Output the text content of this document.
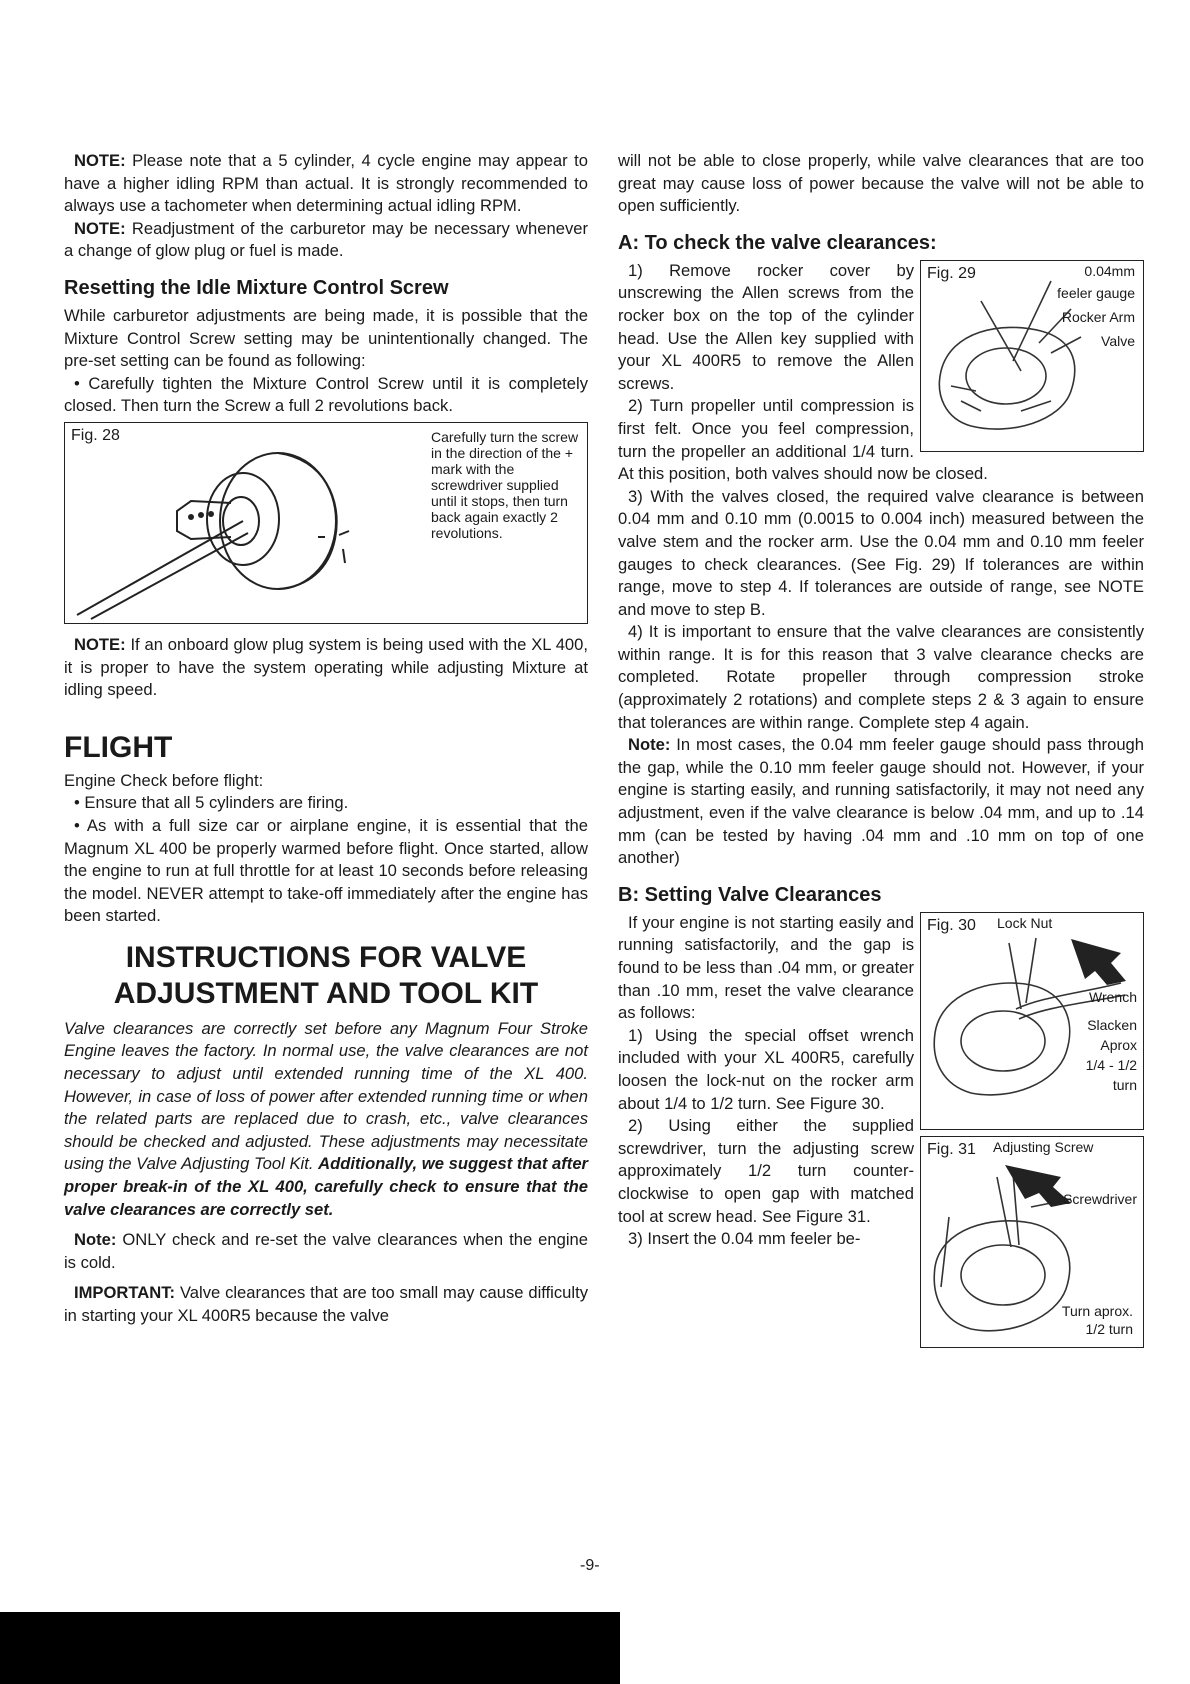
NOTE: Please note that a 5 cylinder, 4 cycle engine may appear to have a higher idling RPM than actual. It is strongly recommended to always use a tachometer when determining actual idling RPM.

NOTE: Readjustment of the carburetor may be necessary whenever a change of glow plug or fuel is made.

Resetting the Idle Mixture Control Screw

While carburetor adjustments are being made, it is possible that the Mixture Control Screw setting may be unintentionally changed. The pre-set setting can be found as following:

• Carefully tighten the Mixture Control Screw until it is completely closed. Then turn the Screw a full 2 revolutions back.

Fig. 28	Carefully turn the screw in the direction of the + mark with the screwdriver supplied until it stops, then turn back again exactly 2 revolutions.

NOTE: If an onboard glow plug system is being used with the XL 400, it is proper to have the system operating while adjusting Mixture at idling speed.

FLIGHT

Engine Check before flight:

• Ensure that all 5 cylinders are firing.

• As with a full size car or airplane engine, it is essential that the Magnum XL 400 be properly warmed before flight. Once started, allow the engine to run at full throttle for at least 10 seconds before releasing the model. NEVER attempt to take-off immediately after the engine has been started.

INSTRUCTIONS FOR VALVE
ADJUSTMENT AND TOOL KIT

Valve clearances are correctly set before any Magnum Four Stroke Engine leaves the factory. In normal use, the valve clearances are not necessary to adjust until extended running time of the XL 400. However, in case of loss of power after extended running time or when the related parts are replaced due to crash, etc., valve clearances should be checked and adjusted. These adjustments may necessitate using the Valve Adjusting Tool Kit. Additionally, we suggest that after proper break-in of the XL 400, carefully check to ensure that the valve clearances are correctly set.

Note: ONLY check and re-set the valve clearances when the engine is cold.

IMPORTANT: Valve clearances that are too small may cause difficulty in starting your XL 400R5 because the valve

will not be able to close properly, while valve clearances that are too great may cause loss of power because the valve will not be able to open sufficiently.

A: To check the valve clearances:
Fig. 29	0.04mm
feeler gauge
Rocker Arm
Valve

1) Remove rocker cover by unscrewing the Allen screws from the rocker box on the top of the cylinder head. Use the Allen key supplied with your XL 400R5 to remove the Allen screws.

2) Turn propeller until compression is first felt. Once you feel compression, turn the propeller an additional 1/4 turn. At this position, both valves should now be closed.

3) With the valves closed, the required valve clearance is between 0.04 mm and 0.10 mm (0.0015 to 0.004 inch) measured between the valve stem and the rocker arm. Use the 0.04 mm and 0.10 mm feeler gauges to check clearances. (See Fig. 29) If tolerances are within range, move to step 4. If tolerances are outside of range, see NOTE and move to step B.

4) It is important to ensure that the valve clearances are consistently within range. It is for this reason that 3 valve clearance checks are completed. Rotate propeller through compression stroke (approximately 2 rotations) and complete steps 2 & 3 again to ensure that tolerances are within range. Complete step 4 again.

Note: In most cases, the 0.04 mm feeler gauge should pass through the gap, while the 0.10 mm feeler gauge should not. However, if your engine is starting easily, and running satisfactorily, it may not need any adjustment, even if the valve clearance is below .04 mm, and up to .14 mm (can be tested by having .04 mm and .10 mm on top of one another)

B: Setting Valve Clearances
Fig. 30 Lock Nut
Wrench
Slacken
Aprox
1/4 - 1/2
turn

If your engine is not starting easily and running satisfactorily, and the gap is found to be less than .04 mm, or greater than .10 mm, reset the valve clearance as follows:

1) Using the special offset wrench included with your XL 400R5, carefully loosen the lock-nut on the rocker arm about 1/4 to 1/2 turn. See Figure 30.

Fig. 31 Adjusting Screw
Screwdriver
Turn aprox.
1/2 turn

2) Using either the supplied screwdriver, turn the adjusting screw approximately 1/2 turn counter-clockwise to open gap with matched tool at screw head. See Figure 31.

3) Insert the 0.04 mm feeler be-

-9-
